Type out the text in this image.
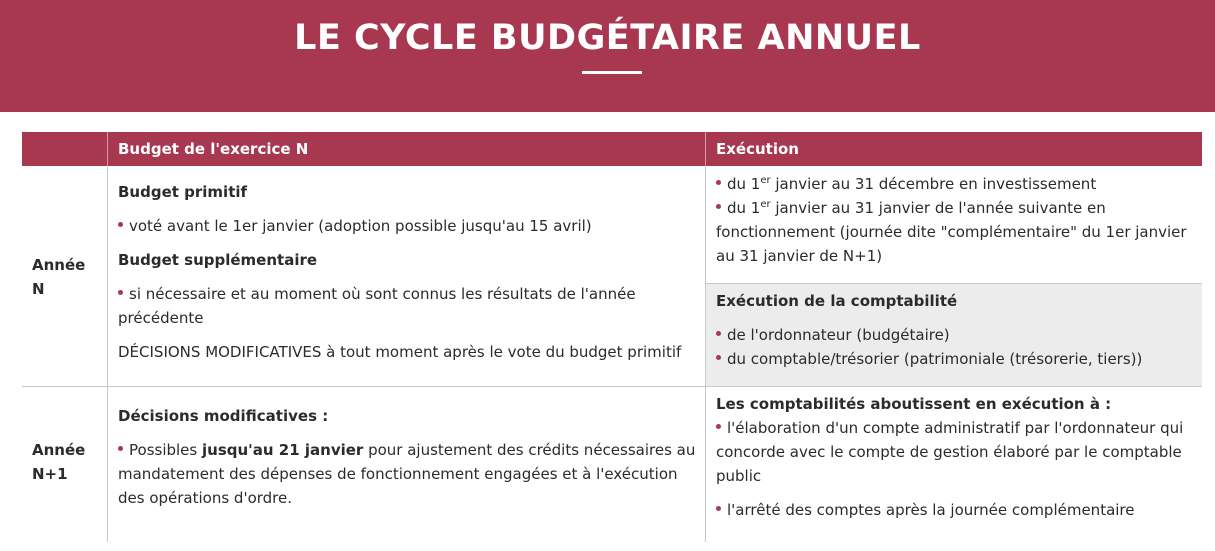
LE CYCLE BUDGÉTAIRE ANNUEL
Budget de l'exercice N	Exécution
Année
N
Budget primitif
voté avant le 1er janvier (adoption possible jusqu'au 15 avril)
Budget supplémentaire
si nécessaire et au moment où sont connus les résultats de l'année
précédente
DÉCISIONS MODIFICATIVES à tout moment après le vote du budget primitif
du 1er janvier au 31 décembre en investissement
du 1er janvier au 31 janvier de l'année suivante en
fonctionnement (journée dite "complémentaire" du 1er janvier
au 31 janvier de N+1)
Exécution de la comptabilité
de l'ordonnateur (budgétaire)
du comptable/trésorier (patrimoniale (trésorerie, tiers))
Année
N+1
Décisions modificatives :
Possibles jusqu'au 21 janvier pour ajustement des crédits nécessaires au
mandatement des dépenses de fonctionnement engagées et à l'exécution
des opérations d'ordre.
Les comptabilités aboutissent en exécution à :
l'élaboration d'un compte administratif par l'ordonnateur qui
concorde avec le compte de gestion élaboré par le comptable
public
l'arrêté des comptes après la journée complémentaire
